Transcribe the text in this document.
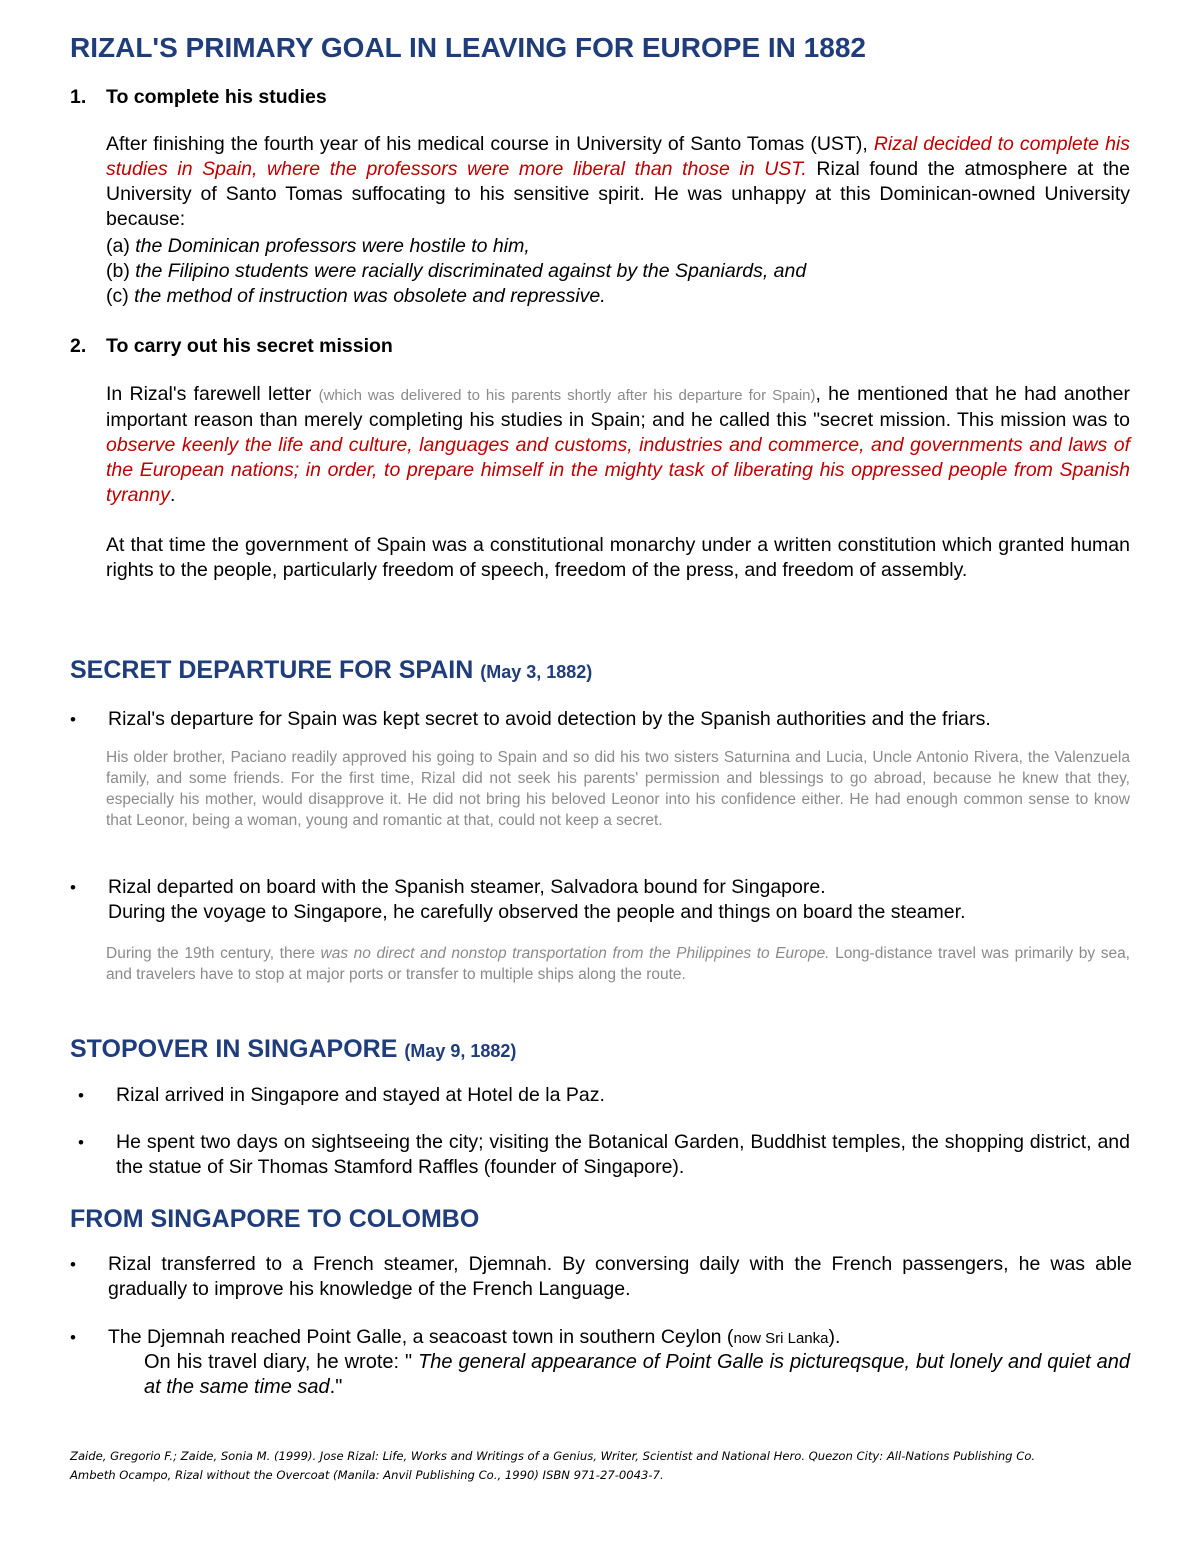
RIZAL'S PRIMARY GOAL IN LEAVING FOR EUROPE IN 1882
1. To complete his studies
After finishing the fourth year of his medical course in University of Santo Tomas (UST), Rizal decided to complete his studies in Spain, where the professors were more liberal than those in UST. Rizal found the atmosphere at the University of Santo Tomas suffocating to his sensitive spirit. He was unhappy at this Dominican-owned University because:
(a) the Dominican professors were hostile to him,
(b) the Filipino students were racially discriminated against by the Spaniards, and
(c) the method of instruction was obsolete and repressive.
2. To carry out his secret mission
In Rizal's farewell letter (which was delivered to his parents shortly after his departure for Spain), he mentioned that he had another important reason than merely completing his studies in Spain; and he called this "secret mission. This mission was to observe keenly the life and culture, languages and customs, industries and commerce, and governments and laws of the European nations; in order, to prepare himself in the mighty task of liberating his oppressed people from Spanish tyranny.
At that time the government of Spain was a constitutional monarchy under a written constitution which granted human rights to the people, particularly freedom of speech, freedom of the press, and freedom of assembly.
SECRET DEPARTURE FOR SPAIN (May 3, 1882)
• Rizal's departure for Spain was kept secret to avoid detection by the Spanish authorities and the friars.
His older brother, Paciano readily approved his going to Spain and so did his two sisters Saturnina and Lucia, Uncle Antonio Rivera, the Valenzuela family, and some friends. For the first time, Rizal did not seek his parents' permission and blessings to go abroad, because he knew that they, especially his mother, would disapprove it. He did not bring his beloved Leonor into his confidence either. He had enough common sense to know that Leonor, being a woman, young and romantic at that, could not keep a secret.
• Rizal departed on board with the Spanish steamer, Salvadora bound for Singapore.
During the voyage to Singapore, he carefully observed the people and things on board the steamer.
During the 19th century, there was no direct and nonstop transportation from the Philippines to Europe. Long-distance travel was primarily by sea, and travelers have to stop at major ports or transfer to multiple ships along the route.
STOPOVER IN SINGAPORE (May 9, 1882)
• Rizal arrived in Singapore and stayed at Hotel de la Paz.
• He spent two days on sightseeing the city; visiting the Botanical Garden, Buddhist temples, the shopping district, and the statue of Sir Thomas Stamford Raffles (founder of Singapore).
FROM SINGAPORE TO COLOMBO
• Rizal transferred to a French steamer, Djemnah. By conversing daily with the French passengers, he was able gradually to improve his knowledge of the French Language.
• The Djemnah reached Point Galle, a seacoast town in southern Ceylon (now Sri Lanka).
On his travel diary, he wrote: " The general appearance of Point Galle is pictureqsque, but lonely and quiet and at the same time sad."
Zaide, Gregorio F.; Zaide, Sonia M. (1999). Jose Rizal: Life, Works and Writings of a Genius, Writer, Scientist and National Hero. Quezon City: All-Nations Publishing Co.
Ambeth Ocampo, Rizal without the Overcoat (Manila: Anvil Publishing Co., 1990) ISBN 971-27-0043-7.
